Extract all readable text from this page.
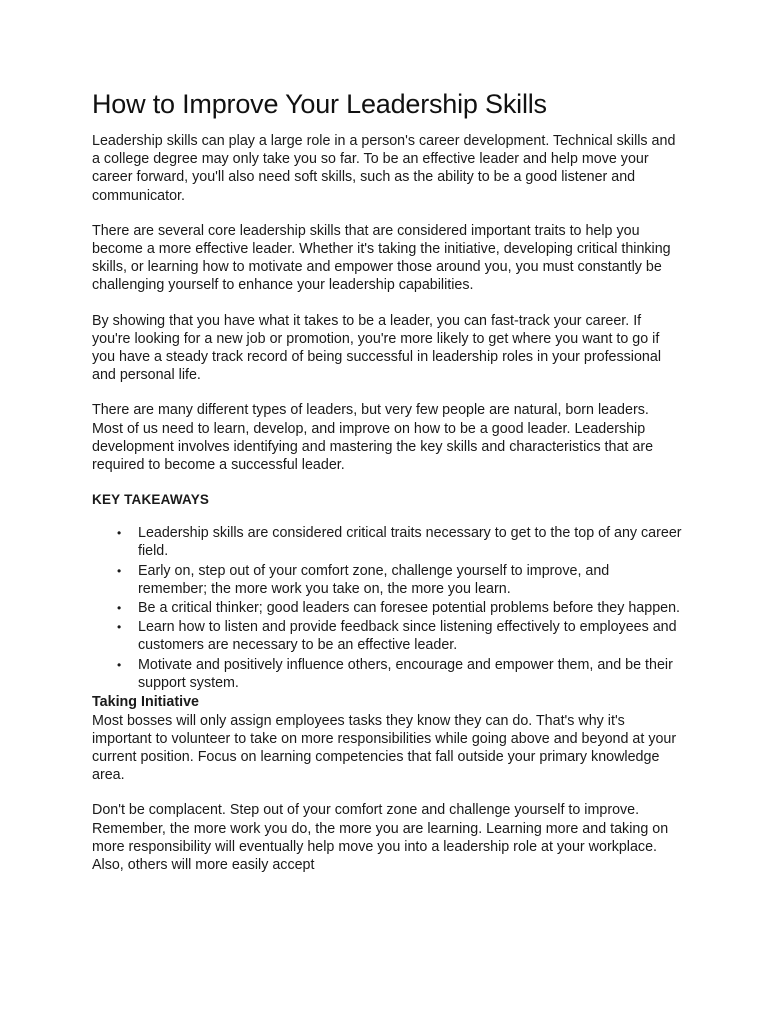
How to Improve Your Leadership Skills

Leadership skills can play a large role in a person's career development. Technical skills and a college degree may only take you so far. To be an effective leader and help move your career forward, you'll also need soft skills, such as the ability to be a good listener and communicator.

There are several core leadership skills that are considered important traits to help you become a more effective leader. Whether it's taking the initiative, developing critical thinking skills, or learning how to motivate and empower those around you, you must constantly be challenging yourself to enhance your leadership capabilities.

By showing that you have what it takes to be a leader, you can fast-track your career. If you're looking for a new job or promotion, you're more likely to get where you want to go if you have a steady track record of being successful in leadership roles in your professional and personal life.

There are many different types of leaders, but very few people are natural, born leaders. Most of us need to learn, develop, and improve on how to be a good leader. Leadership development involves identifying and mastering the key skills and characteristics that are required to become a successful leader.

KEY TAKEAWAYS
• Leadership skills are considered critical traits necessary to get to the top of any career field.
• Early on, step out of your comfort zone, challenge yourself to improve, and remember; the more work you take on, the more you learn.
• Be a critical thinker; good leaders can foresee potential problems before they happen.
• Learn how to listen and provide feedback since listening effectively to employees and customers are necessary to be an effective leader.
• Motivate and positively influence others, encourage and empower them, and be their support system.
Taking Initiative

Most bosses will only assign employees tasks they know they can do. That's why it's important to volunteer to take on more responsibilities while going above and beyond at your current position. Focus on learning competencies that fall outside your primary knowledge area.

Don't be complacent. Step out of your comfort zone and challenge yourself to improve. Remember, the more work you do, the more you are learning. Learning more and taking on more responsibility will eventually help move you into a leadership role at your workplace. Also, others will more easily accept
